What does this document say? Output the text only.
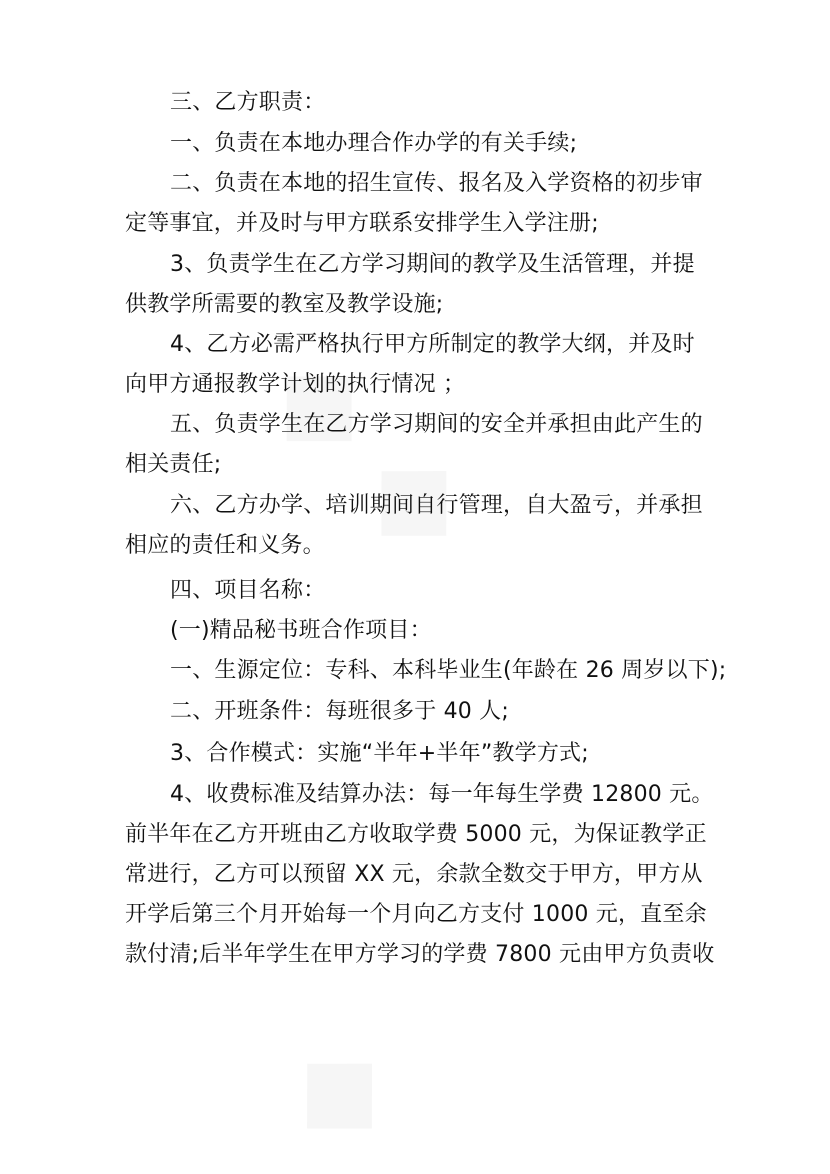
三、乙方职责：
一、负责在本地办理合作办学的有关手续;
二、负责在本地的招生宣传、报名及入学资格的初步审
定等事宜，并及时与甲方联系安排学生入学注册;
3、负责学生在乙方学习期间的教学及生活管理，并提
供教学所需要的教室及教学设施;
4、乙方必需严格执行甲方所制定的教学大纲，并及时
向甲方通报教学计划的执行情况 ；
五、负责学生在乙方学习期间的安全并承担由此产生的
相关责任;
六、乙方办学、培训期间自行管理，自大盈亏，并承担
相应的责任和义务。
四、项目名称：
(一)精品秘书班合作项目：
一、生源定位：专科、本科毕业生(年龄在 26 周岁以下);
二、开班条件：每班很多于 40 人;
3、合作模式：实施“半年+半年”教学方式;
4、收费标准及结算办法：每一年每生学费 12800 元。
前半年在乙方开班由乙方收取学费 5000 元，为保证教学正
常进行，乙方可以预留 XX 元，余款全数交于甲方，甲方从
开学后第三个月开始每一个月向乙方支付 1000 元，直至余
款付清;后半年学生在甲方学习的学费 7800 元由甲方负责收
